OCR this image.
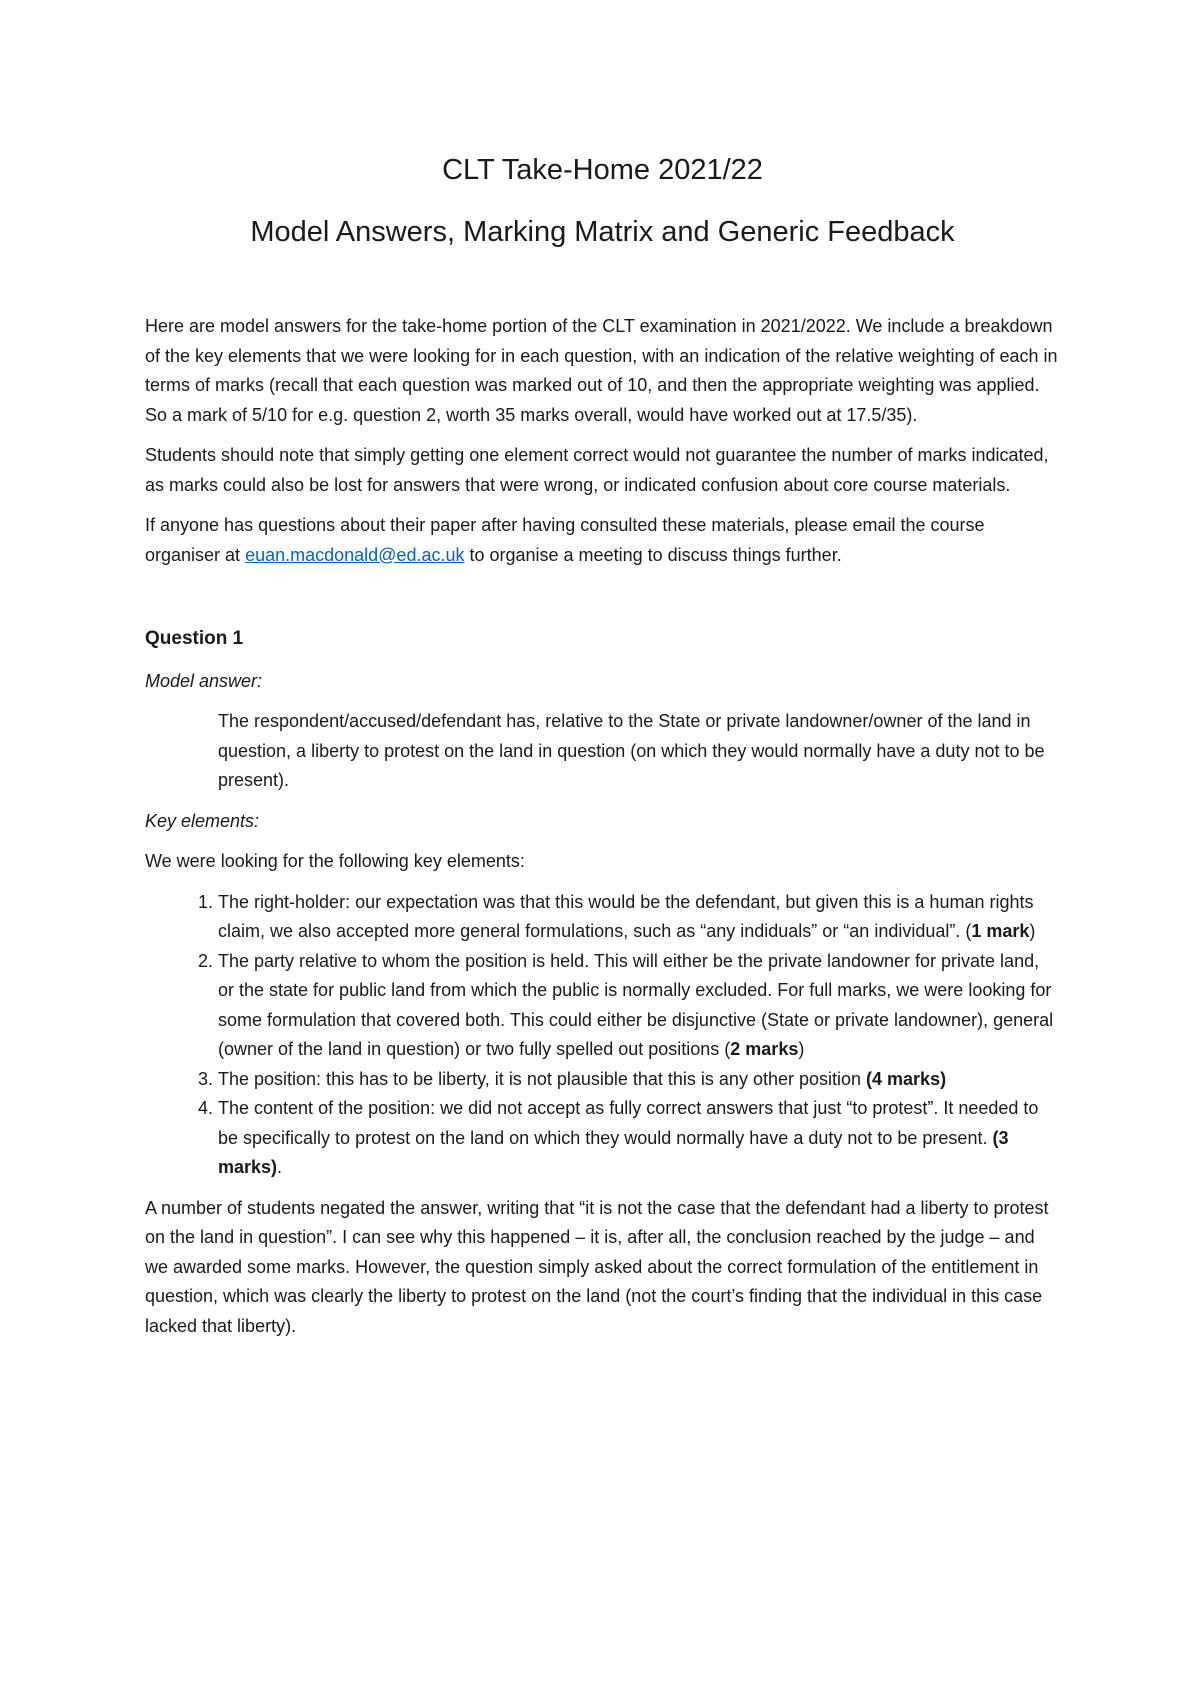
CLT Take-Home 2021/22
Model Answers, Marking Matrix and Generic Feedback

Here are model answers for the take-home portion of the CLT examination in 2021/2022. We include a breakdown of the key elements that we were looking for in each question, with an indication of the relative weighting of each in terms of marks (recall that each question was marked out of 10, and then the appropriate weighting was applied. So a mark of 5/10 for e.g. question 2, worth 35 marks overall, would have worked out at 17.5/35).

Students should note that simply getting one element correct would not guarantee the number of marks indicated, as marks could also be lost for answers that were wrong, or indicated confusion about core course materials.

If anyone has questions about their paper after having consulted these materials, please email the course organiser at euan.macdonald@ed.ac.uk to organise a meeting to discuss things further.

Question 1

Model answer:

The respondent/accused/defendant has, relative to the State or private landowner/owner of the land in question, a liberty to protest on the land in question (on which they would normally have a duty not to be present).

Key elements:

We were looking for the following key elements:

1. The right-holder: our expectation was that this would be the defendant, but given this is a human rights claim, we also accepted more general formulations, such as “any indiduals” or “an individual”. (1 mark)
2. The party relative to whom the position is held. This will either be the private landowner for private land, or the state for public land from which the public is normally excluded. For full marks, we were looking for some formulation that covered both. This could either be disjunctive (State or private landowner), general (owner of the land in question) or two fully spelled out positions (2 marks)
3. The position: this has to be liberty, it is not plausible that this is any other position (4 marks)
4. The content of the position: we did not accept as fully correct answers that just “to protest”. It needed to be specifically to protest on the land on which they would normally have a duty not to be present. (3 marks).

A number of students negated the answer, writing that “it is not the case that the defendant had a liberty to protest on the land in question”. I can see why this happened – it is, after all, the conclusion reached by the judge – and we awarded some marks. However, the question simply asked about the correct formulation of the entitlement in question, which was clearly the liberty to protest on the land (not the court’s finding that the individual in this case lacked that liberty).
